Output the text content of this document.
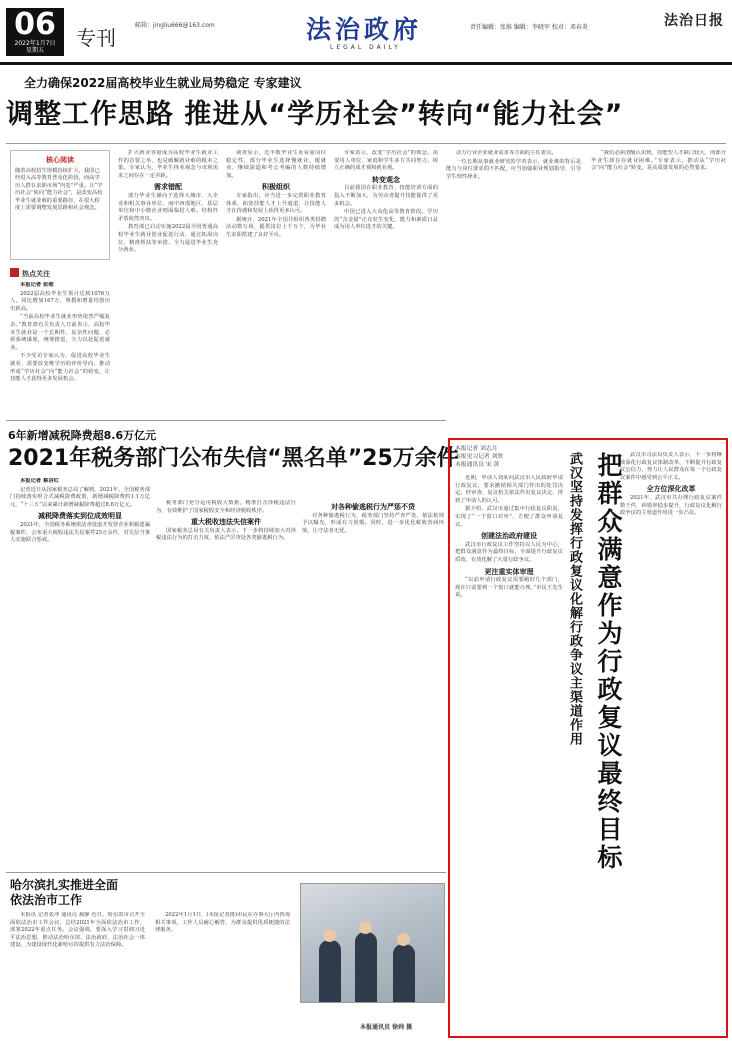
06
2022年1月7日
星期五
专刊
邮箱：jingliu666@163.com	法治政府
LEGAL DAILY
责任编辑：张维 编辑：李晓军 校对：邓春炎	法治日报
全力确保2022届高校毕业生就业局势稳定 专家建议
调整工作思路 推进从“学历社会”转向“能力社会”
核心阅读
随着高校招生规模持续扩大，我国已经进入高等教育普及化阶段，而高学历人群在求职市场“内卷”严重。让“学历社会”转向“能力社会”，是改变高校毕业生就业难的重要路径，在很大程度上需要调整发展思路和社会观念。
热点关注

本报记者 张维

2022届高校毕业生预计达到1076万人，同比增加167万，规模和增量均创历史新高。

“当前高校毕业生就业形势依然严峻复杂。”教育部有关负责人日前表示，高校毕业生就业是一个长期性、复杂性问题，必须系统谋划，统筹推进，全力以赴促进就业。

不少受访专家认为，促进高校毕业生就业，需要改变唯学历的评价导向，推动形成“学历社会”向“能力社会”的转变，让技能人才获得更多发展机会。

扩大就业容量成为高校毕业生就业工作的首要之举，也是破解就业难的根本之策。专家认为，毕业生择业观念与市场需求之间存在一定差距。

需求错配

部分毕业生倾向于选择大城市、大企业和机关事业单位，而中西部地区、基层单位和中小微企业则面临招人难。结构性矛盾依然突出。

教育部已启动实施2022届全国普通高校毕业生就业创业促进行动，通过拓展岗位、精准帮扶等举措，全力促进毕业生充分就业。

调查显示，近半数毕业生更看重岗位稳定性，部分毕业生选择慢就业、缓就业，继续深造和考公考编的人数持续增加。

积极组织

专家指出，应当进一步完善职业教育体系，拓宽技能人才上升通道，让技能人才在待遇和发展上获得更多认可。

据统计，2021年全国共组织各类招聘活动数万场，提供岗位上千万个，为毕业生求职搭建了良好平台。

专家表示，改变“学历社会”的观念，需要用人单位、家庭和学生多方共同努力，树立正确的成才观和就业观。

转变观念

目前我国在职业教育、技能培训方面的投入不断加大，为劳动者提升技能提供了更多机会。

中国已进入大众化高等教育阶段，学历的“含金量”正在发生变化，能力和素质日益成为用人单位选才的关键。

动力行业企业就业需求等方面的主任委员。

一位长期从事就业研究的学者表示，就业难的背后是能力与岗位要求的不匹配，应当加强职业规划指导，引导学生理性择业。

“我们必须清醒认识到，技能型人才缺口较大，而部分毕业生却存在就业困难。”专家表示，推动从“学历社会”向“能力社会”转变，是高质量发展的必然要求。

6年新增减税降费超8.6万亿元
2021年税务部门公布失信“黑名单”25万余件

本报记者 蔡岩红

记者近日从国家税务总局了解到，2021年，全国税务部门持续落实组合式减税降费政策，新增减税降费约1.1万亿元，“十三五”以来累计新增减税降费超过8.6万亿元。

减税降费落实到位成效明显

2021年，全国税务系统依法查处虚开发票企业和偷逃骗税案件，公布重大税收违法失信案件25万余件，对失信当事人实施联合惩戒。

税务部门充分运用税收大数据，精准打击涉税违法行为，有效维护了国家税收安全和经济税收秩序。

重大税收违法失信案件

国家税务总局有关负责人表示，下一步将持续加大对涉税违法行为的打击力度，依法严厉查处各类偷逃税行为。

对各种偷逃税行为严惩不贷

对各种偷逃税行为，税务部门坚持严查严处，依法依规予以曝光，形成有力震慑。同时，进一步优化税收营商环境，让守法者无忧。

哈尔滨扎实推进全面依法治市工作

本报讯 记者张冲 通讯员 郝静 近日，哈尔滨市召开全面依法治市工作会议，总结2021年全面依法治市工作，部署2022年重点任务。会议强调，要深入学习贯彻习近平法治思想，推动法治哈尔滨、法治政府、法治社会一体建设，为建设现代化新哈尔滨提供有力法治保障。

2022年1月1日，(本报记者摄)市民在办事大厅内咨询相关事项，工作人员耐心解答，为群众提供优质便捷的法律服务。

本报通讯员 徐帅 摄
本报记者 刘志月
本报见习记者 刘欣
本报通讯员 宋 黄	把群众满意作为行政复议最终目标
武汉坚持发挥行政复议化解行政争议主渠道作用

近期，申请人刘某向武汉市人民政府申请行政复议，要求撤销相关部门作出的处罚决定。经审查，复议机关依法作出复议决定，得到了申请人的认可。

据介绍，武汉市通过集中行政复议职责，实现了“一个窗口对外”，方便了群众申请复议。

创建法治政府建设

武汉市行政复议工作坚持以人民为中心，把群众满意作为最终目标，全面提升行政复议质效，有效化解了大量行政争议。

更注重实体审理

“以前申请行政复议需要跑好几个部门，现在只需要到一个窗口就能办理。”市民王先生说。

武汉市司法局负责人表示，下一步将继续深化行政复议体制改革，不断提升行政复议公信力，努力让人民群众在每一个行政复议案件中感受到公平正义。

全方位深化改革

2021年，武汉市共办理行政复议案件数千件，纠错率稳步提升，行政复议化解行政争议的主渠道作用进一步凸显。
